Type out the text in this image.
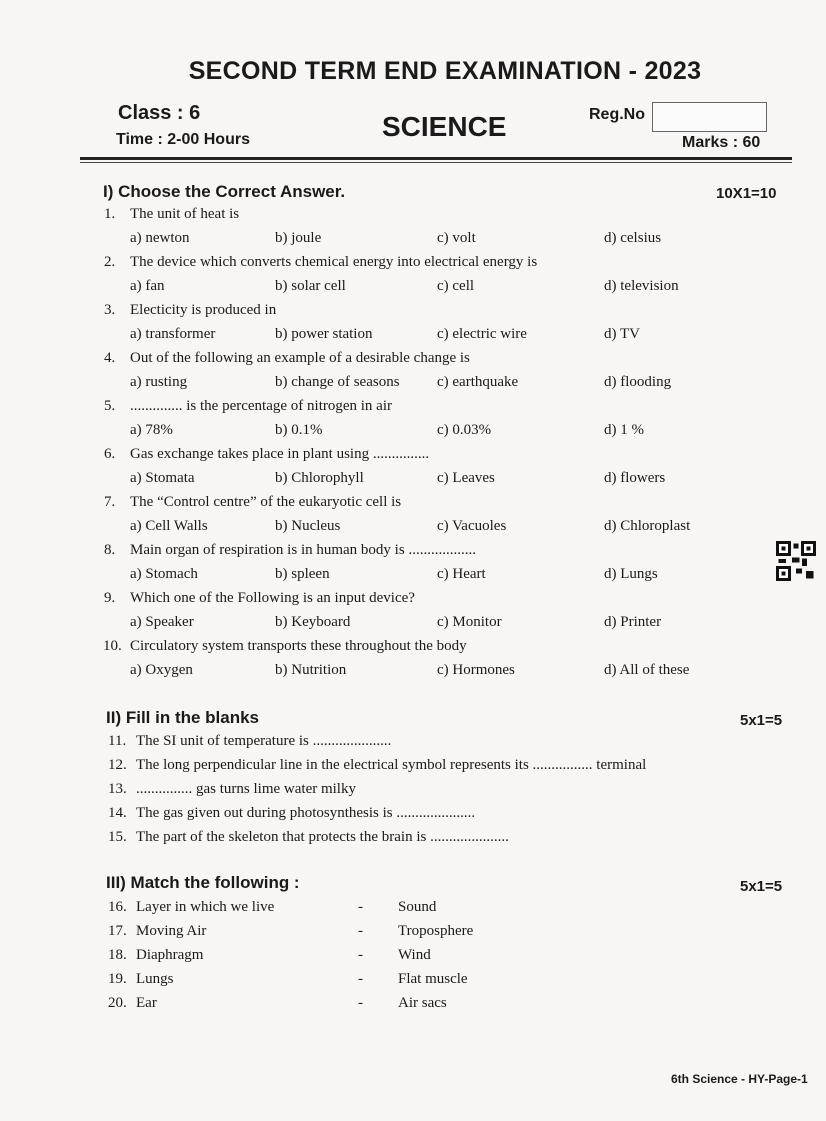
SECOND TERM END EXAMINATION - 2023
Class : 6
Time : 2-00 Hours	SCIENCE	Reg.No
Marks : 60
I) Choose the Correct Answer.	10X1=10
1. The unit of heat is
a) newton	b) joule	c) volt	d) celsius
2. The device which converts chemical energy into electrical energy is
a) fan	b) solar cell	c) cell	d) television
3. Electicity is produced in
a) transformer	b) power station	c) electric wire	d) TV
4. Out of the following an example of a desirable change is
a) rusting	b) change of seasons c) earthquake	d) flooding
5. .............. is the percentage of nitrogen in air
a) 78%	b) 0.1%	c) 0.03%	d) 1 %
6. Gas exchange takes place in plant using ...............
a) Stomata	b) Chlorophyll	c) Leaves	d) flowers
7. The “Control centre” of the eukaryotic cell is
a) Cell Walls	b) Nucleus	c) Vacuoles	d) Chloroplast
8. Main organ of respiration is in human body is ..................
a) Stomach	b) spleen	c) Heart	d) Lungs
9. Which one of the Following is an input device?
a) Speaker	b) Keyboard	c) Monitor	d) Printer
10. Circulatory system transports these throughout the body
a) Oxygen	b) Nutrition	c) Hormones	d) All of these
II) Fill in the blanks	5x1=5
11. The SI unit of temperature is .....................
12. The long perpendicular line in the electrical symbol represents its ................ terminal
13. ............... gas turns lime water milky
14. The gas given out during photosynthesis is .....................
15. The part of the skeleton that protects the brain is .....................
III) Match the following :	5x1=5
16. Layer in which we live	- Sound
17. Moving Air	- Troposphere
18. Diaphragm	- Wind
19. Lungs	- Flat muscle
20. Ear	- Air sacs
6th Science - HY-Page-1
